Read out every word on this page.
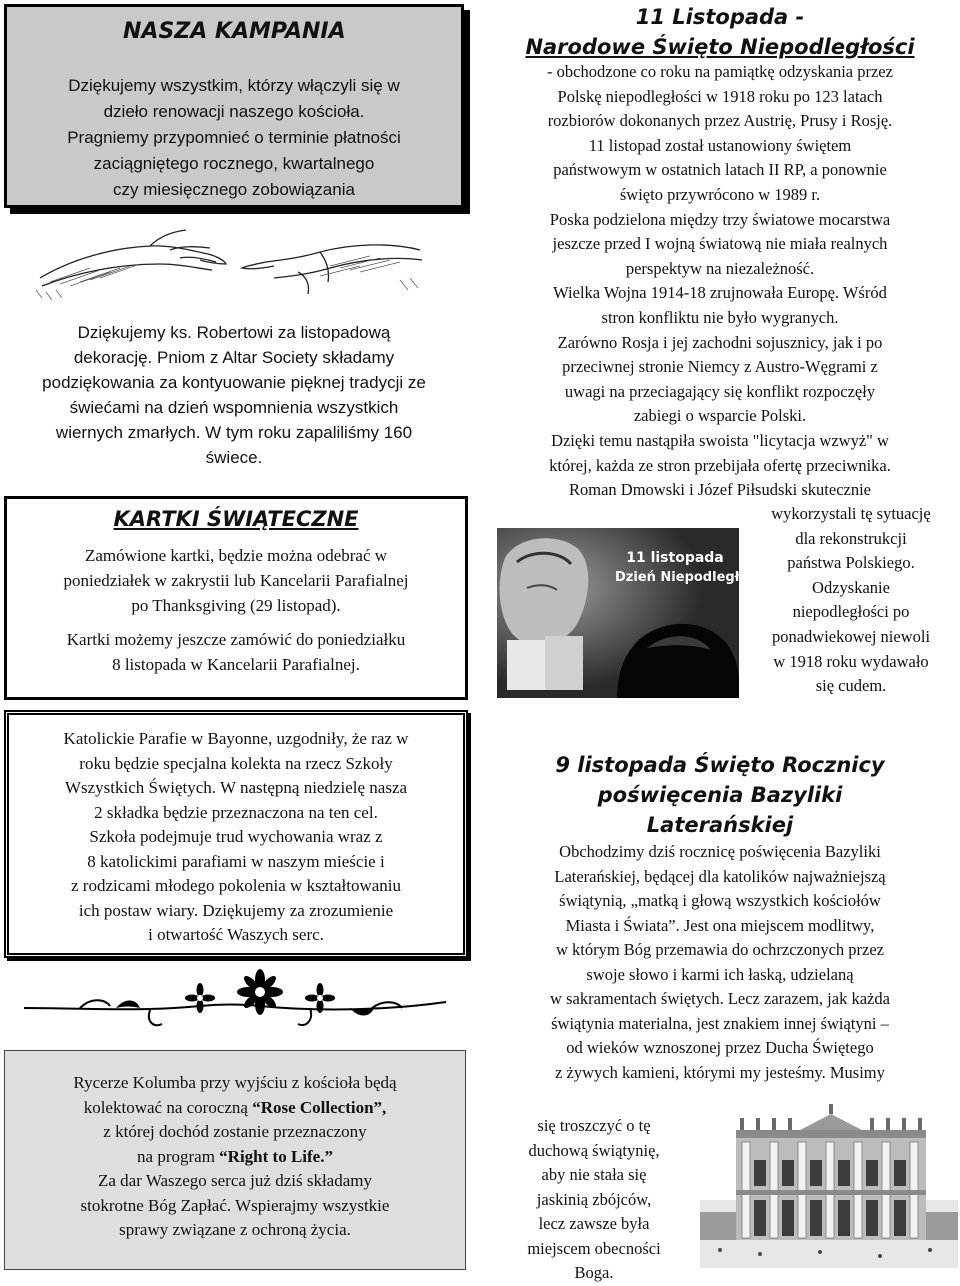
NASZA KAMPANIA
Dziękujemy wszystkim, którzy włączyli się w
dzieło renowacji naszego kościoła.
Pragniemy przypomnieć o terminie płatności
zaciągniętego rocznego, kwartalnego
czy miesięcznego zobowiązania
Dziękujemy ks. Robertowi za listopadową
dekorację. Pniom z Altar Society składamy
podziękowania za kontyuowanie pięknej tradycji ze
świećami na dzień wspomnienia wszystkich
wiernych zmarłych. W tym roku zapaliliśmy 160
świece.
KARTKI ŚWIĄTECZNE
Zamówione kartki, będzie można odebrać w
poniedziałek w zakrystii lub Kancelarii Parafialnej
po Thanksgiving (29 listopad).
Kartki możemy jeszcze zamówić do poniedziałku
8 listopada w Kancelarii Parafialnej.
Katolickie Parafie w Bayonne, uzgodniły, że raz w
roku będzie specjalna kolekta na rzecz Szkoły
Wszystkich Świętych. W następną niedzielę nasza
2 składka będzie przeznaczona na ten cel.
Szkoła podejmuje trud wychowania wraz z
8 katolickimi parafiami w naszym mieście i
z rodzicami młodego pokolenia w kształtowaniu
ich postaw wiary. Dziękujemy za zrozumienie
i otwartość Waszych serc.
Rycerze Kolumba przy wyjściu z kościoła będą
kolektować na coroczną “Rose Collection”,
z której dochód zostanie przeznaczony
na program “Right to Life.”
Za dar Waszego serca już dziś składamy
stokrotne Bóg Zapłać. Wspierajmy wszystkie
sprawy związane z ochroną życia.
11 Listopada -
Narodowe Święto Niepodległości
- obchodzone co roku na pamiątkę odzyskania przez
Polskę niepodległości w 1918 roku po 123 latach
rozbiorów dokonanych przez Austrię, Prusy i Rosję.
11 listopad został ustanowiony świętem
państwowym w ostatnich latach II RP, a ponownie
święto przywrócono w 1989 r.
Poska podzielona między trzy światowe mocarstwa
jeszcze przed I wojną światową nie miała realnych
perspektyw na niezależność.
Wielka Wojna 1914-18 zrujnowała Europę. Wśród
stron konfliktu nie było wygranych.
Zarówno Rosja i jej zachodni sojusznicy, jak i po
przeciwnej stronie Niemcy z Austro-Węgrami z
uwagi na przeciagający się konflikt rozpoczęły
zabiegi o wsparcie Polski.
Dzięki temu nastąpiła swoista "licytacja wzwyż" w
której, każda ze stron przebijała ofertę przeciwnika.
Roman Dmowski i Józef Piłsudski skutecznie
11 listopada
Dzień Niepodległości
wykorzystali tę sytuację
dla rekonstrukcji
państwa Polskiego.
Odzyskanie
niepodległości po
ponadwiekowej niewoli
w 1918 roku wydawało
się cudem.
9 listopada Święto Rocznicy
poświęcenia Bazyliki
Laterańskiej
Obchodzimy dziś rocznicę poświęcenia Bazyliki
Laterańskiej, będącej dla katolików najważniejszą
świątynią, „matką i głową wszystkich kościołów
Miasta i Świata”. Jest ona miejscem modlitwy,
w którym Bóg przemawia do ochrzczonych przez
swoje słowo i karmi ich łaską, udzielaną
w sakramentach świętych. Lecz zarazem, jak każda
świątynia materialna, jest znakiem innej świątyni –
od wieków wznoszonej przez Ducha Świętego
z żywych kamieni, którymi my jesteśmy. Musimy
się troszczyć o tę
duchową świątynię,
aby nie stała się
jaskinią zbójców,
lecz zawsze była
miejscem obecności
Boga.
